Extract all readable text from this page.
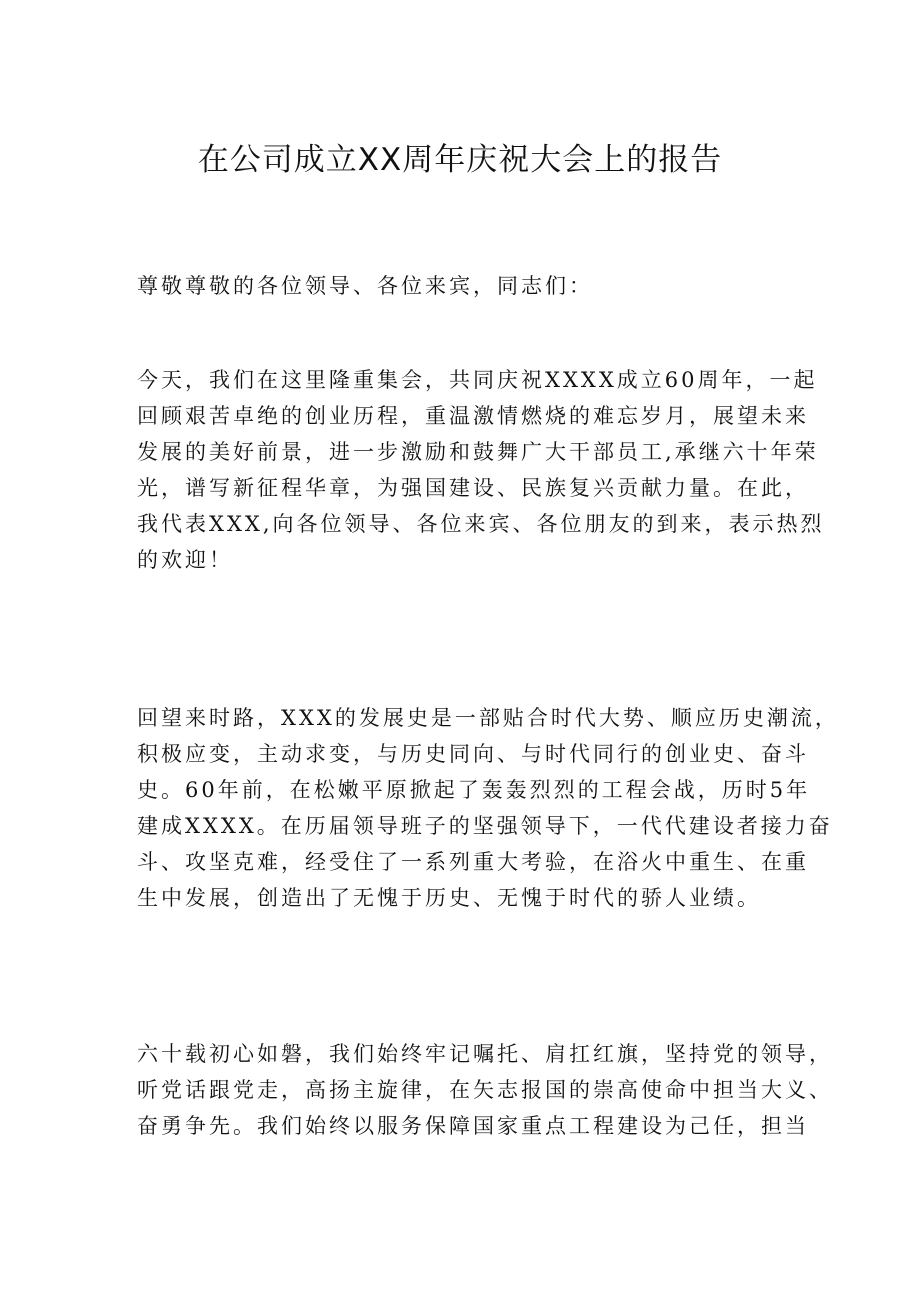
在公司成立XX周年庆祝大会上的报告
尊敬尊敬的各位领导、各位来宾，同志们：
今天，我们在这里隆重集会，共同庆祝XXXX成立60周年，一起
回顾艰苦卓绝的创业历程，重温激情燃烧的难忘岁月，展望未来
发展的美好前景，进一步激励和鼓舞广大干部员工,承继六十年荣
光，谱写新征程华章，为强国建设、民族复兴贡献力量。在此，
我代表XXX,向各位领导、各位来宾、各位朋友的到来，表示热烈
的欢迎！
回望来时路，XXX的发展史是一部贴合时代大势、顺应历史潮流，
积极应变，主动求变，与历史同向、与时代同行的创业史、奋斗
史。60年前，在松嫩平原掀起了轰轰烈烈的工程会战，历时5年
建成XXXX。在历届领导班子的坚强领导下，一代代建设者接力奋
斗、攻坚克难，经受住了一系列重大考验，在浴火中重生、在重
生中发展，创造出了无愧于历史、无愧于时代的骄人业绩。
六十载初心如磐，我们始终牢记嘱托、肩扛红旗，坚持党的领导，
听党话跟党走，高扬主旋律，在矢志报国的崇高使命中担当大义、
奋勇争先。我们始终以服务保障国家重点工程建设为己任，担当
